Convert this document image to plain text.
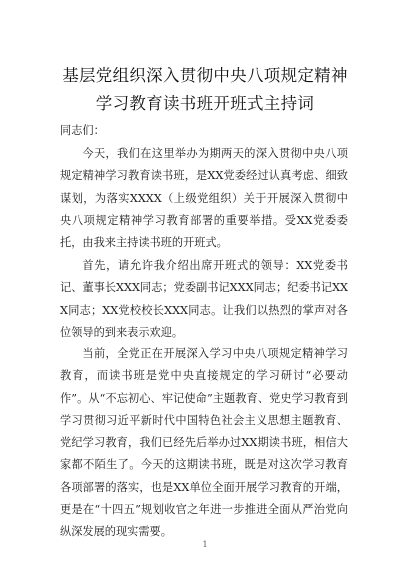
基层党组织深入贯彻中央八项规定精神
学习教育读书班开班式主持词
同志们：

今天，我们在这里举办为期两天的深入贯彻中央八项规定精神学习教育读书班，是XX党委经过认真考虑、细致谋划，为落实XXXX（上级党组织）关于开展深入贯彻中央八项规定精神学习教育部署的重要举措。受XX党委委托，由我来主持读书班的开班式。

首先，请允许我介绍出席开班式的领导：XX党委书记、董事长XXX同志；党委副书记XXX同志；纪委书记XXX同志；XX党校校长XXX同志。让我们以热烈的掌声对各位领导的到来表示欢迎。

当前，全党正在开展深入学习中央八项规定精神学习教育，而读书班是党中央直接规定的学习研讨“必要动作”。从“不忘初心、牢记使命”主题教育、党史学习教育到学习贯彻习近平新时代中国特色社会主义思想主题教育、党纪学习教育，我们已经先后举办过XX期读书班，相信大家都不陌生了。今天的这期读书班，既是对这次学习教育各项部署的落实，也是XX单位全面开展学习教育的开端，更是在“十四五”规划收官之年进一步推进全面从严治党向纵深发展的现实需要。

1
